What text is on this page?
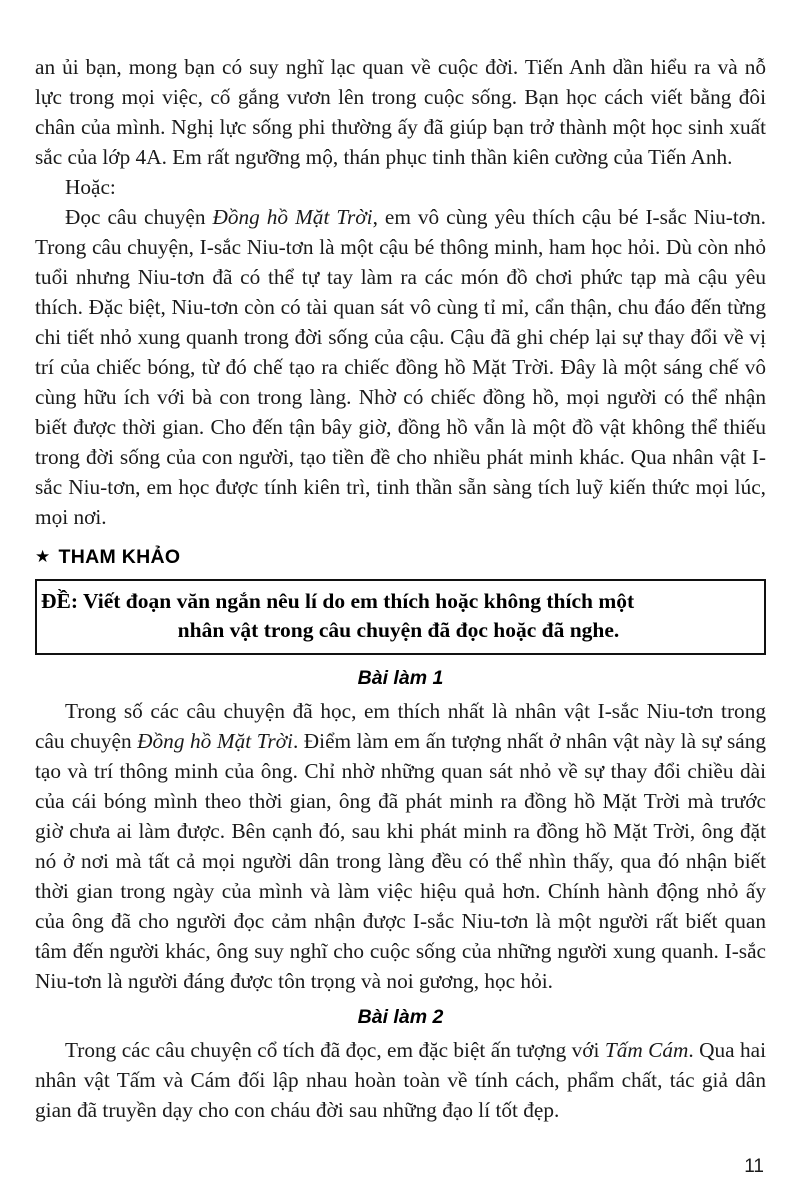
an ủi bạn, mong bạn có suy nghĩ lạc quan về cuộc đời. Tiến Anh dần hiểu ra và nỗ lực trong mọi việc, cố gắng vươn lên trong cuộc sống. Bạn học cách viết bằng đôi chân của mình. Nghị lực sống phi thường ấy đã giúp bạn trở thành một học sinh xuất sắc của lớp 4A. Em rất ngưỡng mộ, thán phục tinh thần kiên cường của Tiến Anh.

Hoặc:

Đọc câu chuyện Đồng hồ Mặt Trời, em vô cùng yêu thích cậu bé I-sắc Niu-tơn. Trong câu chuyện, I-sắc Niu-tơn là một cậu bé thông minh, ham học hỏi. Dù còn nhỏ tuổi nhưng Niu-tơn đã có thể tự tay làm ra các món đồ chơi phức tạp mà cậu yêu thích. Đặc biệt, Niu-tơn còn có tài quan sát vô cùng tỉ mỉ, cẩn thận, chu đáo đến từng chi tiết nhỏ xung quanh trong đời sống của cậu. Cậu đã ghi chép lại sự thay đổi về vị trí của chiếc bóng, từ đó chế tạo ra chiếc đồng hồ Mặt Trời. Đây là một sáng chế vô cùng hữu ích với bà con trong làng. Nhờ có chiếc đồng hồ, mọi người có thể nhận biết được thời gian. Cho đến tận bây giờ, đồng hồ vẫn là một đồ vật không thể thiếu trong đời sống của con người, tạo tiền đề cho nhiều phát minh khác. Qua nhân vật I-sắc Niu-tơn, em học được tính kiên trì, tinh thần sẵn sàng tích luỹ kiến thức mọi lúc, mọi nơi.

★ THAM KHẢO

ĐỀ: Viết đoạn văn ngắn nêu lí do em thích hoặc không thích một
nhân vật trong câu chuyện đã đọc hoặc đã nghe.

Bài làm 1

Trong số các câu chuyện đã học, em thích nhất là nhân vật I-sắc Niu-tơn trong câu chuyện Đồng hồ Mặt Trời. Điểm làm em ấn tượng nhất ở nhân vật này là sự sáng tạo và trí thông minh của ông. Chỉ nhờ những quan sát nhỏ về sự thay đổi chiều dài của cái bóng mình theo thời gian, ông đã phát minh ra đồng hồ Mặt Trời mà trước giờ chưa ai làm được. Bên cạnh đó, sau khi phát minh ra đồng hồ Mặt Trời, ông đặt nó ở nơi mà tất cả mọi người dân trong làng đều có thể nhìn thấy, qua đó nhận biết thời gian trong ngày của mình và làm việc hiệu quả hơn. Chính hành động nhỏ ấy của ông đã cho người đọc cảm nhận được I-sắc Niu-tơn là một người rất biết quan tâm đến người khác, ông suy nghĩ cho cuộc sống của những người xung quanh. I-sắc Niu-tơn là người đáng được tôn trọng và noi gương, học hỏi.

Bài làm 2

Trong các câu chuyện cổ tích đã đọc, em đặc biệt ấn tượng với Tấm Cám. Qua hai nhân vật Tấm và Cám đối lập nhau hoàn toàn về tính cách, phẩm chất, tác giả dân gian đã truyền dạy cho con cháu đời sau những đạo lí tốt đẹp.

11
